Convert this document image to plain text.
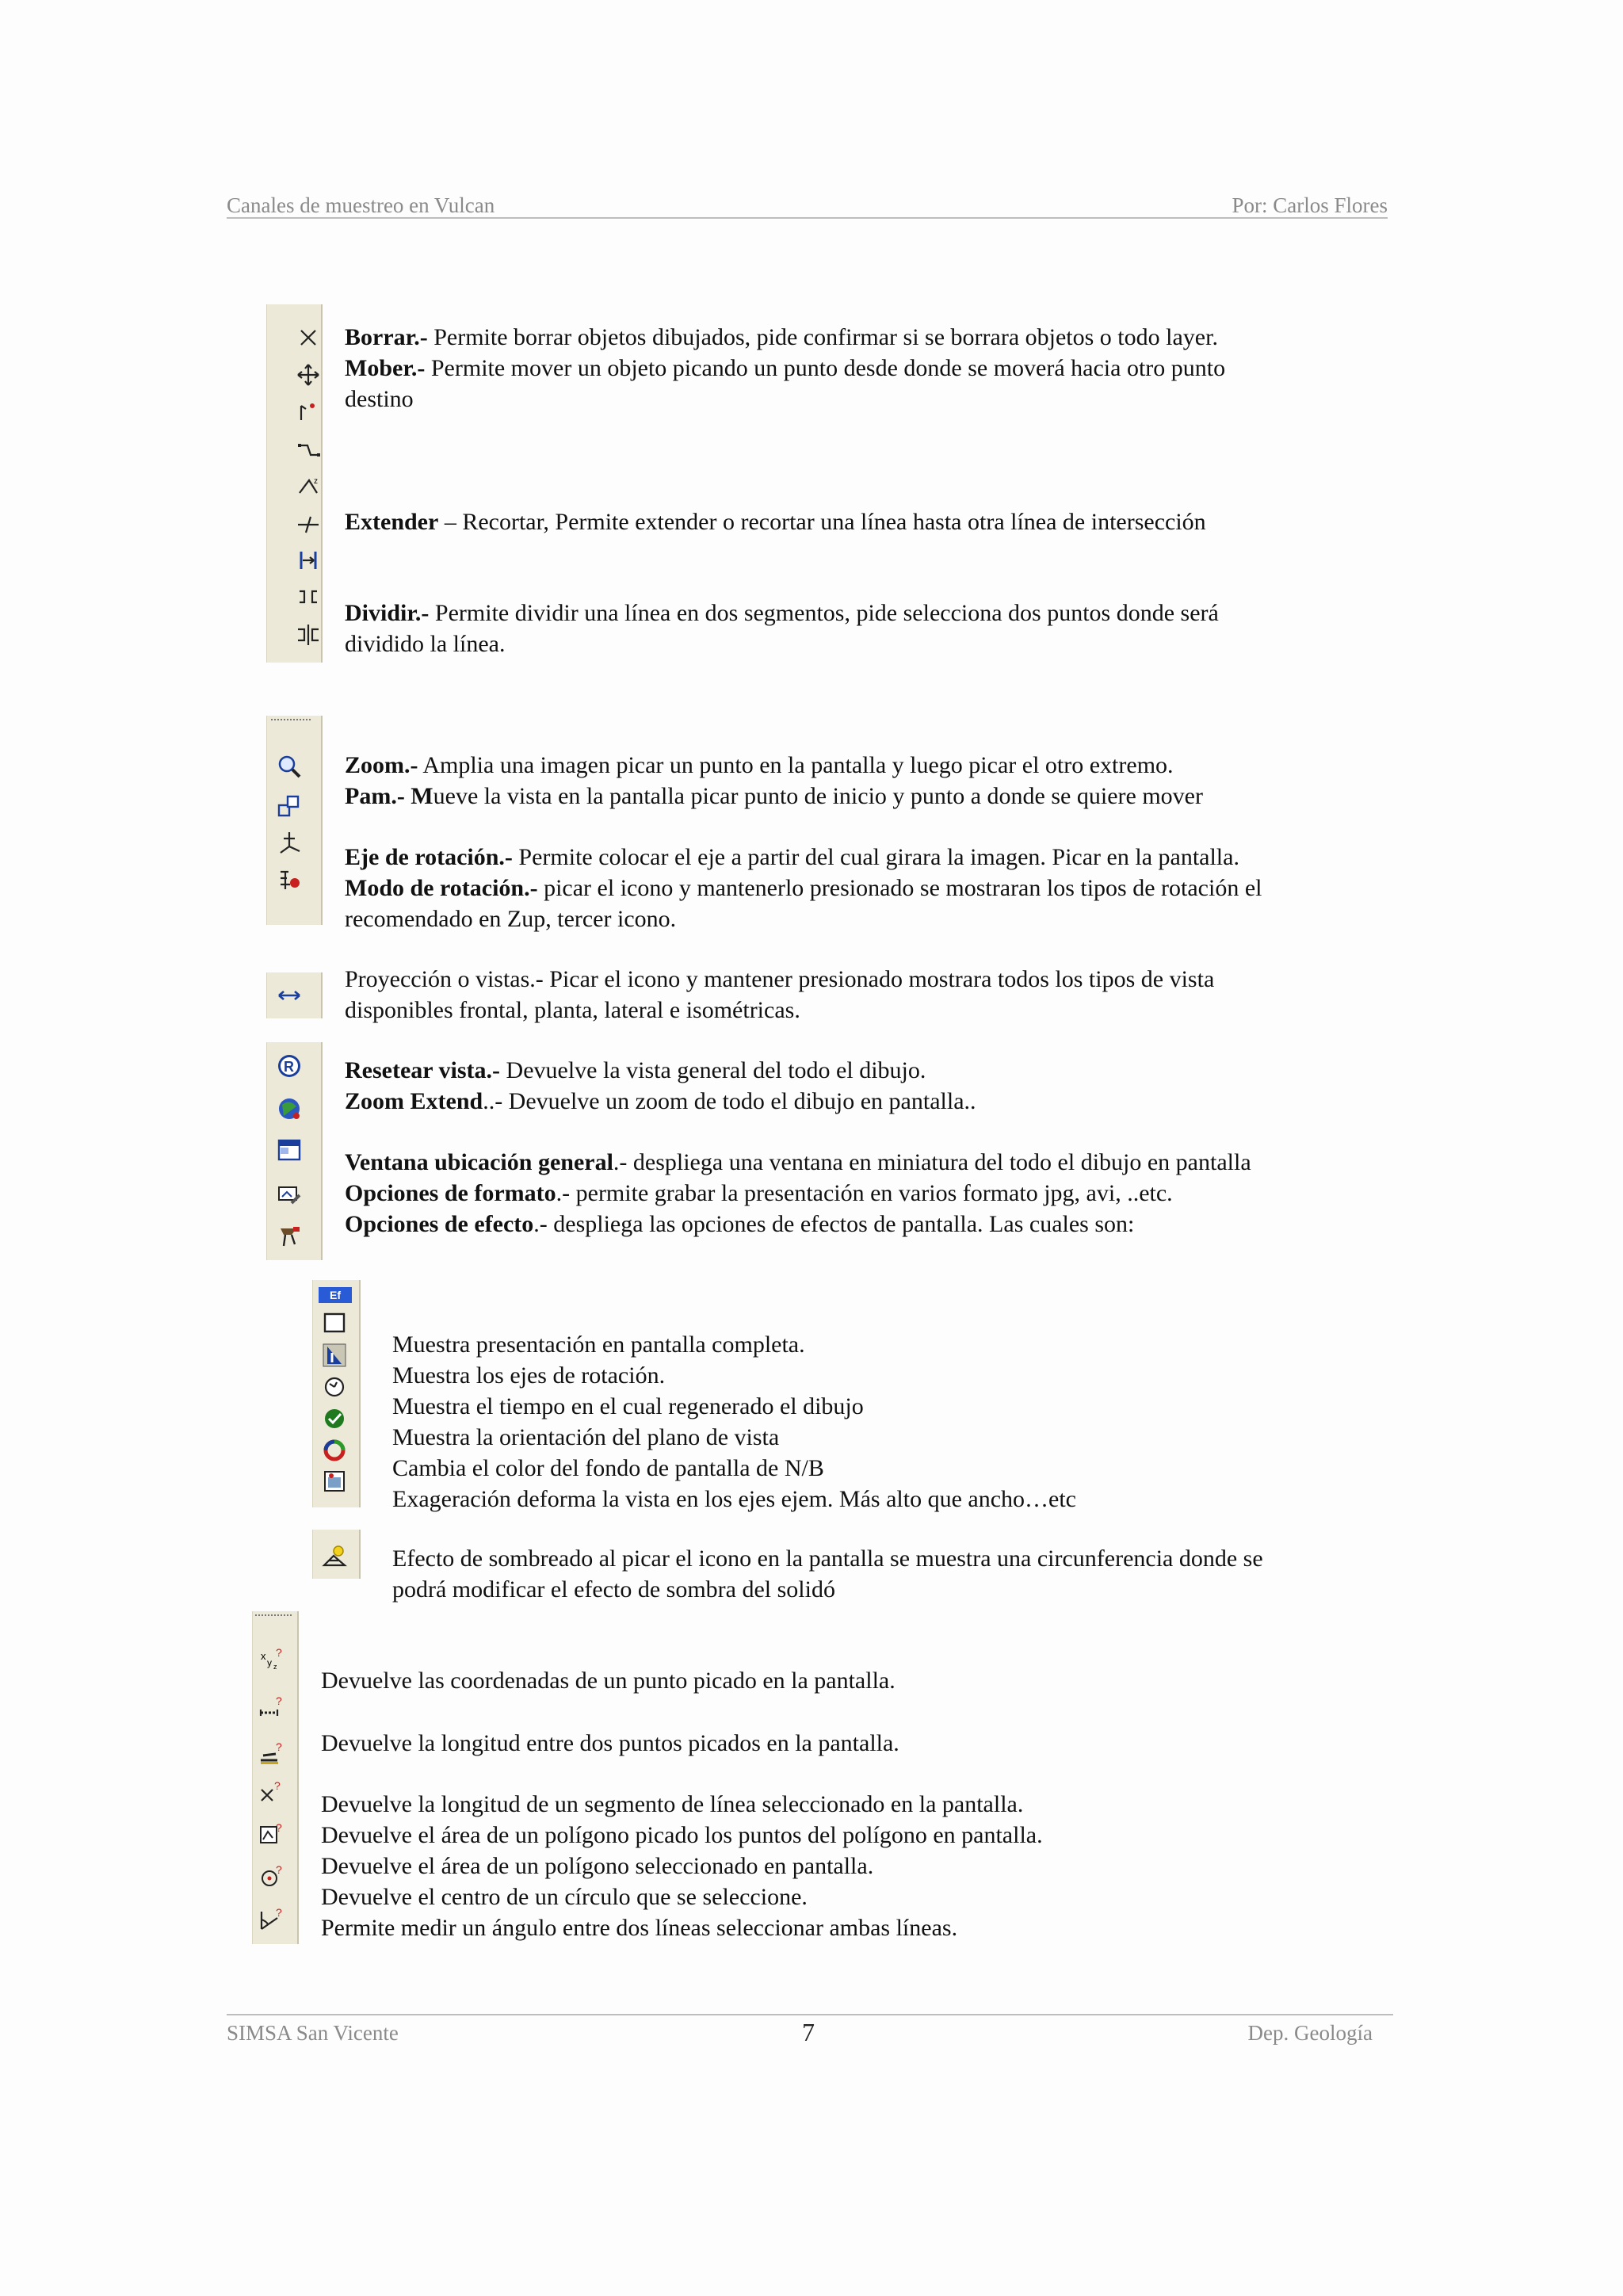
Canales de muestreo en Vulcan	Por: Carlos Flores
z
Borrar.- Permite borrar objetos dibujados, pide confirmar si se borrara objetos o todo layer.
Mober.- Permite mover un objeto picando un punto desde donde se moverá hacia otro punto
destino
Extender – Recortar, Permite extender o recortar una línea hasta otra línea de intersección
Dividir.- Permite dividir una línea en dos segmentos, pide selecciona dos puntos donde será
dividido la línea.
Zoom.- Amplia una imagen picar un punto en la pantalla y luego picar el otro extremo.
Pam.- Mueve la vista en la pantalla picar punto de inicio y punto a donde se quiere mover
Eje de rotación.- Permite colocar el eje a partir del cual girara la imagen. Picar en la pantalla.
Modo de rotación.- picar el icono y mantenerlo presionado se mostraran los tipos de rotación el
recomendado en Zup, tercer icono.
Proyección o vistas.- Picar el icono y mantener presionado mostrara todos los tipos de vista
disponibles frontal, planta, lateral e isométricas.
R Resetear vista.- Devuelve la vista general del todo el dibujo.
Zoom Extend..- Devuelve un zoom de todo el dibujo en pantalla..
Ventana ubicación general.- despliega una ventana en miniatura del todo el dibujo en pantalla
Opciones de formato.- permite grabar la presentación en varios formato jpg, avi, ..etc.
Opciones de efecto.- despliega las opciones de efectos de pantalla. Las cuales son:
Ef
Muestra presentación en pantalla completa.
Muestra los ejes de rotación.
Muestra el tiempo en el cual regenerado el dibujo
Muestra la orientación del plano de vista
Cambia el color del fondo de pantalla de N/B
Exageración deforma la vista en los ejes ejem. Más alto que ancho…etc
Efecto de sombreado al picar el icono en la pantalla se muestra una circunferencia donde se
podrá modificar el efecto de sombra del solidó
x
y z
?
?
?
?
?
?
?
Devuelve las coordenadas de un punto picado en la pantalla.
Devuelve la longitud entre dos puntos picados en la pantalla.
Devuelve la longitud de un segmento de línea seleccionado en la pantalla.
Devuelve el área de un polígono picado los puntos del polígono en pantalla.
Devuelve el área de un polígono seleccionado en pantalla.
Devuelve el centro de un círculo que se seleccione.
Permite medir un ángulo entre dos líneas seleccionar ambas líneas.
SIMSA San Vicente	7	Dep. Geología
